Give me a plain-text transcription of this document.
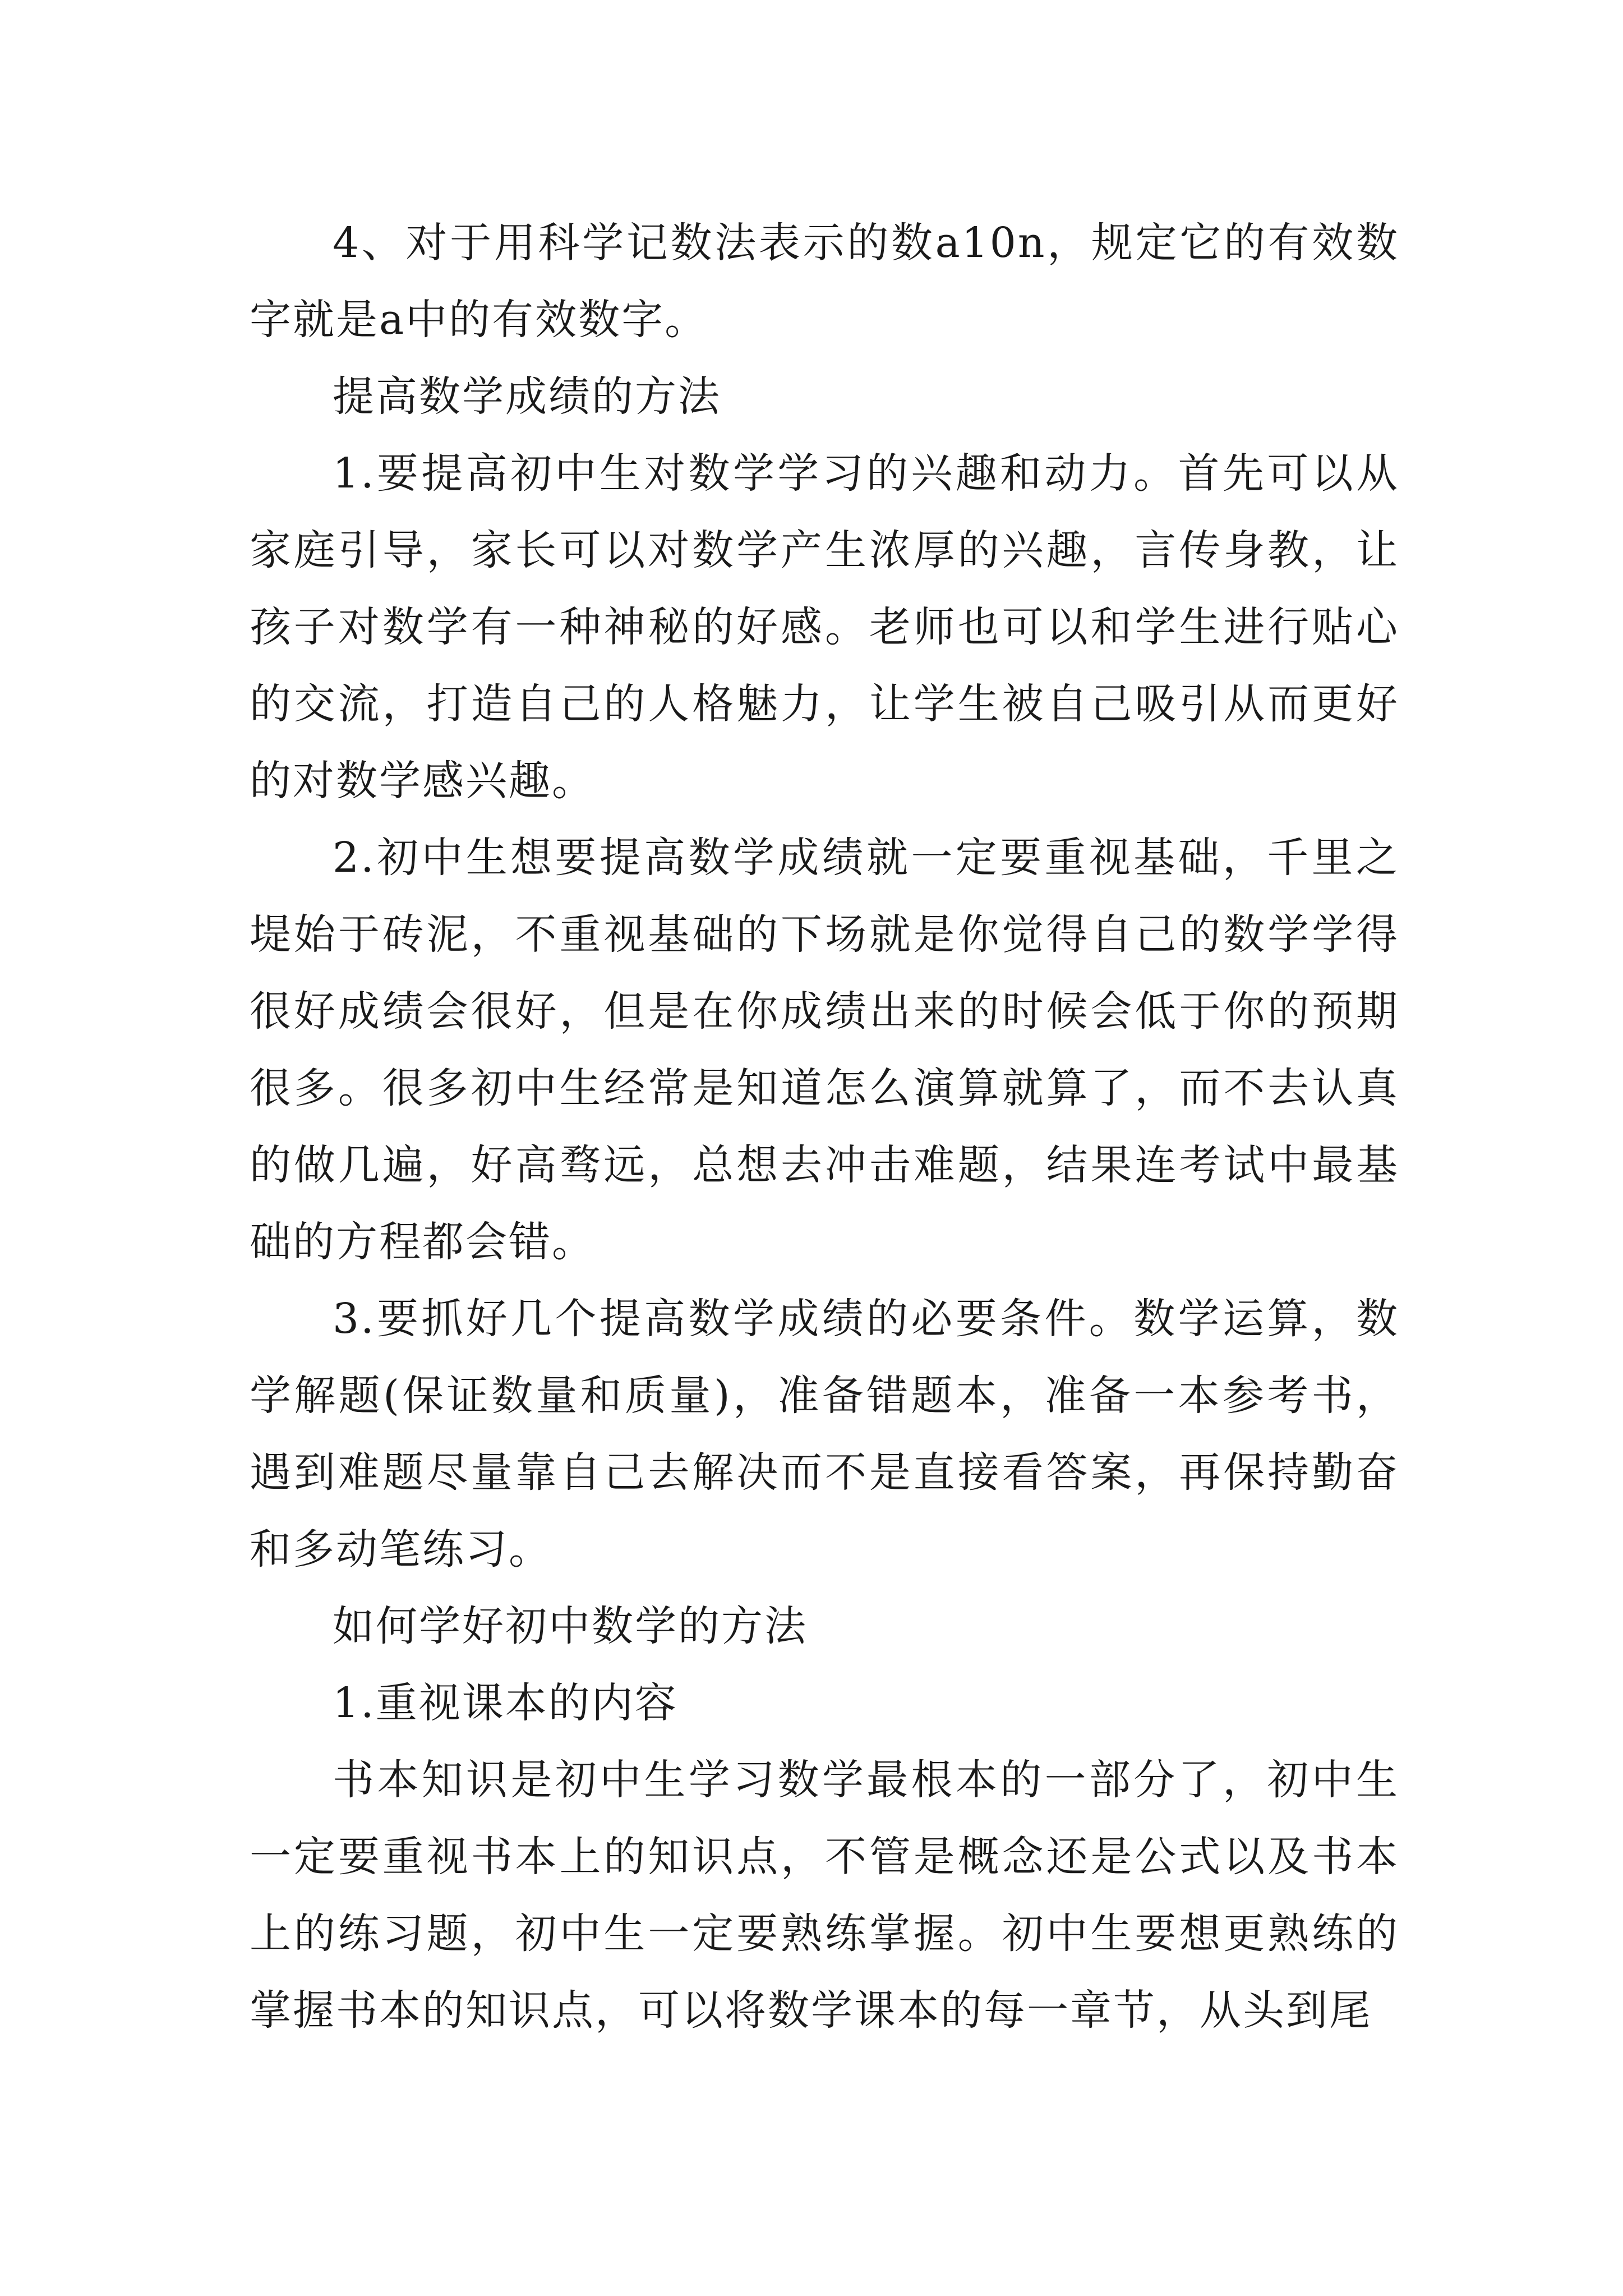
4、对于用科学记数法表示的数a10n，规定它的有效数字就是a中的有效数字。

提高数学成绩的方法

1.要提高初中生对数学学习的兴趣和动力。首先可以从家庭引导，家长可以对数学产生浓厚的兴趣，言传身教，让孩子对数学有一种神秘的好感。老师也可以和学生进行贴心的交流，打造自己的人格魅力，让学生被自己吸引从而更好的对数学感兴趣。

2.初中生想要提高数学成绩就一定要重视基础，千里之堤始于砖泥，不重视基础的下场就是你觉得自己的数学学得很好成绩会很好，但是在你成绩出来的时候会低于你的预期很多。很多初中生经常是知道怎么演算就算了，而不去认真的做几遍，好高骛远，总想去冲击难题，结果连考试中最基础的方程都会错。

3.要抓好几个提高数学成绩的必要条件。数学运算，数学解题(保证数量和质量)，准备错题本，准备一本参考书，遇到难题尽量靠自己去解决而不是直接看答案，再保持勤奋和多动笔练习。

如何学好初中数学的方法

1.重视课本的内容

书本知识是初中生学习数学最根本的一部分了，初中生一定要重视书本上的知识点，不管是概念还是公式以及书本上的练习题，初中生一定要熟练掌握。初中生要想更熟练的掌握书本的知识点，可以将数学课本的每一章节，从头到尾
